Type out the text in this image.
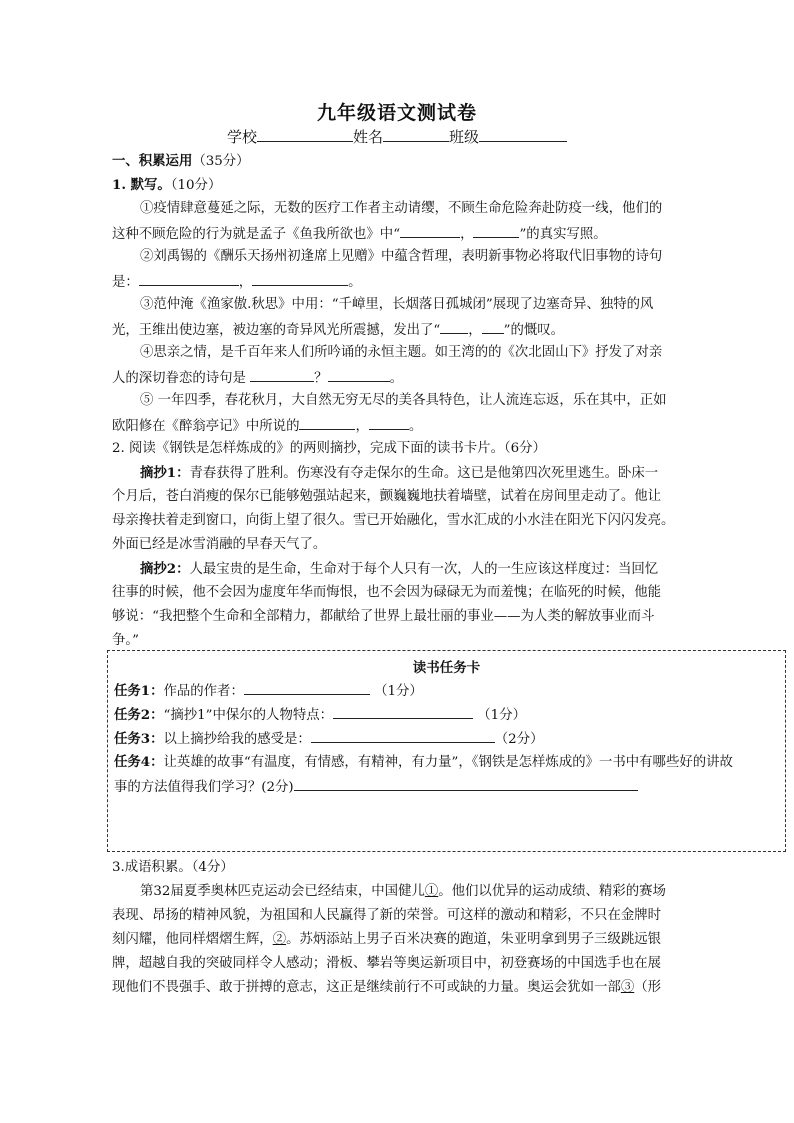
九年级语文测试卷
学校	姓名	班级
一、积累运用（35分）
1. 默写。（10分）
①疫情肆意蔓延之际，无数的医疗工作者主动请缨，不顾生命危险奔赴防疫一线，他们的
这种不顾危险的行为就是孟子《鱼我所欲也》中“	，	”的真实写照。
②刘禹锡的《酬乐天扬州初逢席上见赠》中蕴含哲理，表明新事物必将取代旧事物的诗句
是：	，	。
③范仲淹《渔家傲.秋思》中用：“千嶂里，长烟落日孤城闭”展现了边塞奇异、独特的风
光，王维出使边塞，被边塞的奇异风光所震撼，发出了“ ， ”的慨叹。
④思亲之情，是千百年来人们所吟诵的永恒主题。如王湾的的《次北固山下》抒发了对亲
人的深切眷恋的诗句是	？	。
⑤ 一年四季，春花秋月，大自然无穷无尽的美各具特色，让人流连忘返，乐在其中，正如
欧阳修在《醉翁亭记》中所说的	，	。
2. 阅读《钢铁是怎样炼成的》的两则摘抄，完成下面的读书卡片。（6分）
摘抄1：青春获得了胜利。伤寒没有夺走保尔的生命。这已是他第四次死里逃生。卧床一
个月后，苍白消瘦的保尔已能够勉强站起来，颤巍巍地扶着墙壁，试着在房间里走动了。他让
母亲搀扶着走到窗口，向街上望了很久。雪已开始融化，雪水汇成的小水洼在阳光下闪闪发亮。
外面已经是冰雪消融的早春天气了。
摘抄2：人最宝贵的是生命，生命对于每个人只有一次，人的一生应该这样度过：当回忆
往事的时候，他不会因为虚度年华而悔恨，也不会因为碌碌无为而羞愧；在临死的时候，他能
够说：“我把整个生命和全部精力，都献给了世界上最壮丽的事业——为人类的解放事业而斗
争。”
读书任务卡
任务1：作品的作者：	（1分）
任务2：“摘抄1”中保尔的人物特点：	（1分）
任务3：以上摘抄给我的感受是：	（2分）
任务4：让英雄的故事“有温度，有情感，有精神，有力量”，《钢铁是怎样炼成的》一书中有哪些好的讲故
事的方法值得我们学习？(2分)
3.成语积累。（4分）
第32届夏季奥林匹克运动会已经结束，中国健儿①。他们以优异的运动成绩、精彩的赛场
表现、昂扬的精神风貌，为祖国和人民赢得了新的荣誉。可这样的激动和精彩，不只在金牌时
刻闪耀，他同样熠熠生辉，②。苏炳添站上男子百米决赛的跑道，朱亚明拿到男子三级跳远银
牌，超越自我的突破同样令人感动；滑板、攀岩等奥运新项目中，初登赛场的中国选手也在展
现他们不畏强手、敢于拼搏的意志，这正是继续前行不可或缺的力量。奥运会犹如一部③（形
